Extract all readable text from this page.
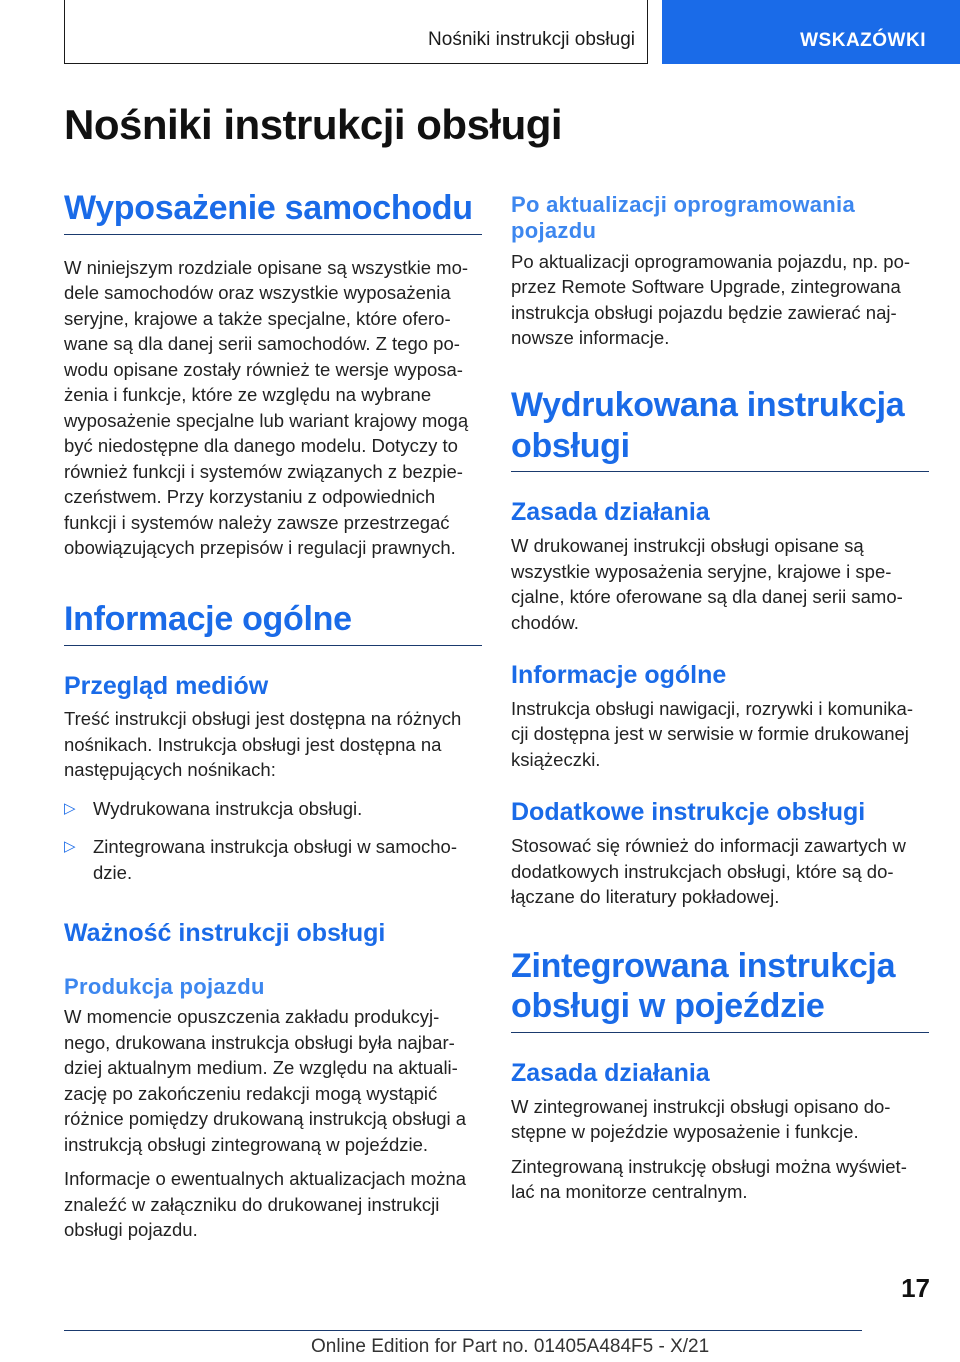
Nośniki instrukcji obsługi	WSKAZÓWKI
Nośniki instrukcji obsługi
Wyposażenie samochodu

W niniejszym rozdziale opisane są wszystkie mo- dele samochodów oraz wszystkie wyposażenia seryjne, krajowe a także specjalne, które ofero- wane są dla danej serii samochodów. Z tego po- wodu opisane zostały również te wersje wyposa- żenia i funkcje, które ze względu na wybrane wyposażenie specjalne lub wariant krajowy mogą być niedostępne dla danego modelu. Dotyczy to również funkcji i systemów związanych z bezpie- czeństwem. Przy korzystaniu z odpowiednich funkcji i systemów należy zawsze przestrzegać obowiązujących przepisów i regulacji prawnych.

Informacje ogólne
Przegląd mediów

Treść instrukcji obsługi jest dostępna na różnych nośnikach. Instrukcja obsługi jest dostępna na następujących nośnikach:

▷ Wydrukowana instrukcja obsługi.
▷ Zintegrowana instrukcja obsługi w samocho- dzie.
Ważność instrukcji obsługi
Produkcja pojazdu

W momencie opuszczenia zakładu produkcyj- nego, drukowana instrukcja obsługi była najbar- dziej aktualnym medium. Ze względu na aktuali- zację po zakończeniu redakcji mogą wystąpić różnice pomiędzy drukowaną instrukcją obsługi a instrukcją obsługi zintegrowaną w pojeździe.

Informacje o ewentualnych aktualizacjach można znaleźć w załączniku do drukowanej instrukcji obsługi pojazdu.

Po aktualizacji oprogramowania pojazdu

Po aktualizacji oprogramowania pojazdu, np. po- przez Remote Software Upgrade, zintegrowana instrukcja obsługi pojazdu będzie zawierać naj- nowsze informacje.

Wydrukowana instrukcja obsługi
Zasada działania

W drukowanej instrukcji obsługi opisane są wszystkie wyposażenia seryjne, krajowe i spe- cjalne, które oferowane są dla danej serii samo- chodów.

Informacje ogólne

Instrukcja obsługi nawigacji, rozrywki i komunika- cji dostępna jest w serwisie w formie drukowanej książeczki.

Dodatkowe instrukcje obsługi

Stosować się również do informacji zawartych w dodatkowych instrukcjach obsługi, które są do- łączane do literatury pokładowej.

Zintegrowana instrukcja obsługi w pojeździe
Zasada działania

W zintegrowanej instrukcji obsługi opisano do- stępne w pojeździe wyposażenie i funkcje.

Zintegrowaną instrukcję obsługi można wyświet- lać na monitorze centralnym.

17
Online Edition for Part no. 01405A484F5 - X/21
